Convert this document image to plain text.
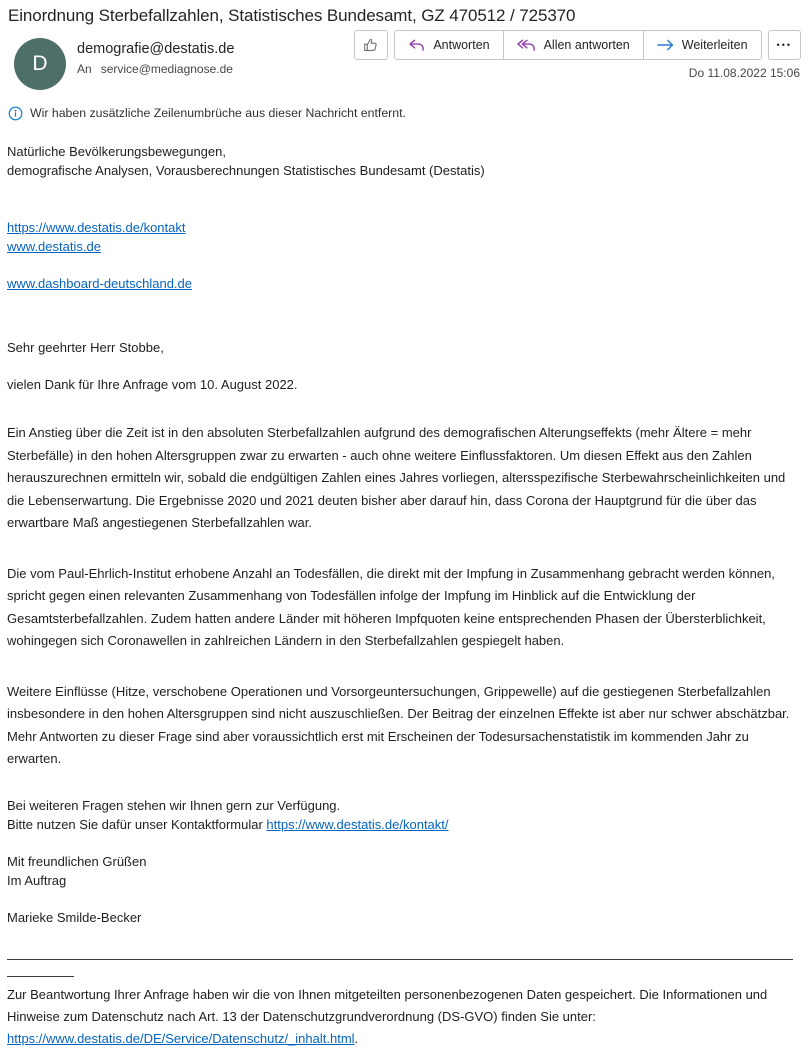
Einordnung Sterbefallzahlen, Statistisches Bundesamt, GZ 470512 / 725370
D
demografie@destatis.de
An service@mediagnose.de
Antworten	Allen antworten	Weiterleiten	•••
Do 11.08.2022 15:06
Wir haben zusätzliche Zeilenumbrüche aus dieser Nachricht entfernt.
Natürliche Bevölkerungsbewegungen,
demografische Analysen, Vorausberechnungen Statistisches Bundesamt (Destatis)
https://www.destatis.de/kontakt
www.destatis.de
www.dashboard-deutschland.de
Sehr geehrter Herr Stobbe,
vielen Dank für Ihre Anfrage vom 10. August 2022.

Ein Anstieg über die Zeit ist in den absoluten Sterbefallzahlen aufgrund des demografischen Alterungseffekts (mehr Ältere = mehr Sterbefälle) in den hohen Altersgruppen zwar zu erwarten - auch ohne weitere Einflussfaktoren. Um diesen Effekt aus den Zahlen herauszurechnen ermitteln wir, sobald die endgültigen Zahlen eines Jahres vorliegen, altersspezifische Sterbewahrscheinlichkeiten und die Lebenserwartung. Die Ergebnisse 2020 und 2021 deuten bisher aber darauf hin, dass Corona der Hauptgrund für die über das erwartbare Maß angestiegenen Sterbefallzahlen war.

Die vom Paul-Ehrlich-Institut erhobene Anzahl an Todesfällen, die direkt mit der Impfung in Zusammenhang gebracht werden können, spricht gegen einen relevanten Zusammenhang von Todesfällen infolge der Impfung im Hinblick auf die Entwicklung der Gesamtsterbefallzahlen. Zudem hatten andere Länder mit höheren Impfquoten keine entsprechenden Phasen der Übersterblichkeit, wohingegen sich Coronawellen in zahlreichen Ländern in den Sterbefallzahlen gespiegelt haben.

Weitere Einflüsse (Hitze, verschobene Operationen und Vorsorgeuntersuchungen, Grippewelle) auf die gestiegenen Sterbefallzahlen insbesondere in den hohen Altersgruppen sind nicht auszuschließen. Der Beitrag der einzelnen Effekte ist aber nur schwer abschätzbar. Mehr Antworten zu dieser Frage sind aber voraussichtlich erst mit Erscheinen der Todesursachenstatistik im kommenden Jahr zu erwarten.

Bei weiteren Fragen stehen wir Ihnen gern zur Verfügung.
Bitte nutzen Sie dafür unser Kontaktformular https://www.destatis.de/kontakt/
Mit freundlichen Grüßen
Im Auftrag
Marieke Smilde-Becker
Zur Beantwortung Ihrer Anfrage haben wir die von Ihnen mitgeteilten personenbezogenen Daten gespeichert. Die Informationen und Hinweise zum Datenschutz nach Art. 13 der Datenschutzgrundverordnung (DS-GVO) finden Sie unter:
https://www.destatis.de/DE/Service/Datenschutz/_inhalt.html.
